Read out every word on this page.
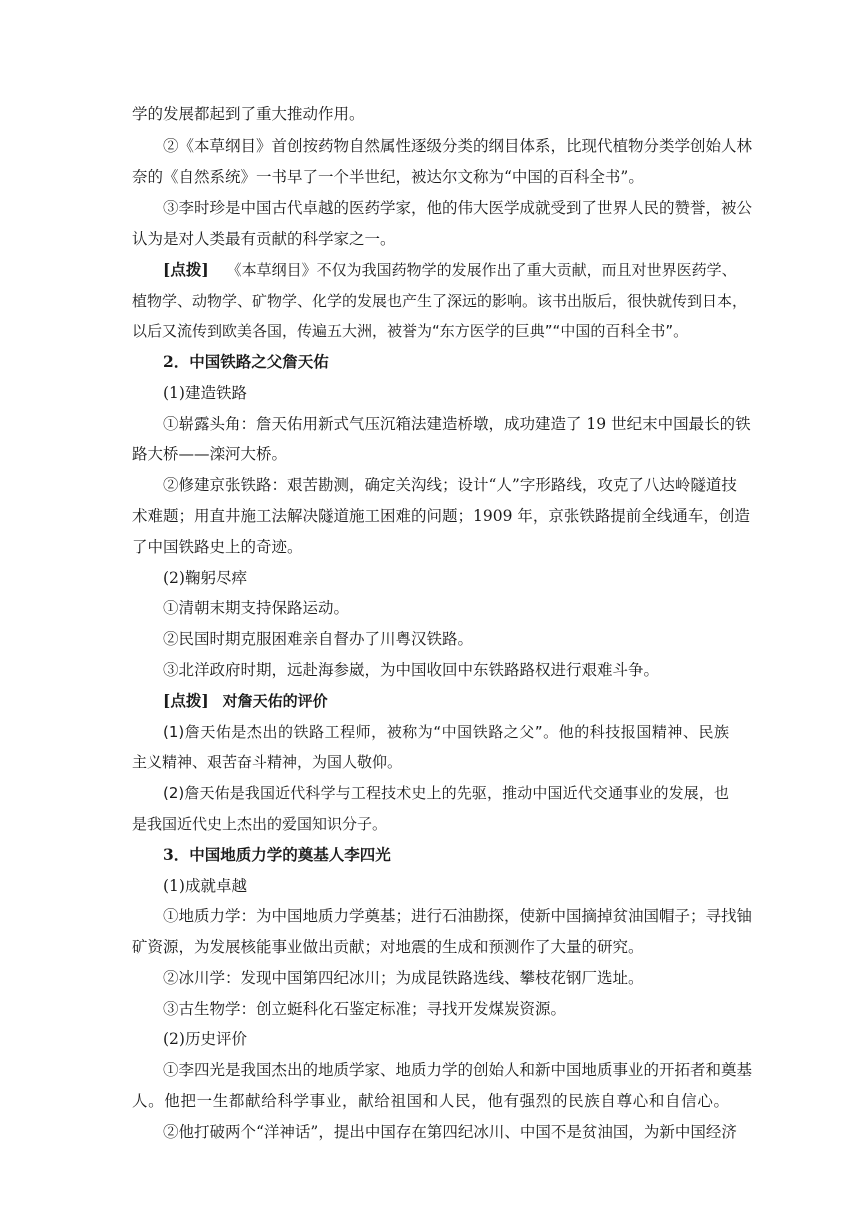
学的发展都起到了重大推动作用。
②《本草纲目》首创按药物自然属性逐级分类的纲目体系，比现代植物分类学创始人林
奈的《自然系统》一书早了一个半世纪，被达尔文称为“中国的百科全书”。
③李时珍是中国古代卓越的医药学家，他的伟大医学成就受到了世界人民的赞誉，被公
认为是对人类最有贡献的科学家之一。
[点拨] 《本草纲目》不仅为我国药物学的发展作出了重大贡献，而且对世界医药学、
植物学、动物学、矿物学、化学的发展也产生了深远的影响。该书出版后，很快就传到日本，
以后又流传到欧美各国，传遍五大洲，被誉为“东方医学的巨典”“中国的百科全书”。
2．中国铁路之父詹天佑
(1)建造铁路
①崭露头角：詹天佑用新式气压沉箱法建造桥墩，成功建造了 19 世纪末中国最长的铁
路大桥——滦河大桥。
②修建京张铁路：艰苦勘测，确定关沟线；设计“人”字形路线，攻克了八达岭隧道技
术难题；用直井施工法解决隧道施工困难的问题；1909 年，京张铁路提前全线通车，创造
了中国铁路史上的奇迹。
(2)鞠躬尽瘁
①清朝末期支持保路运动。
②民国时期克服困难亲自督办了川粤汉铁路。
③北洋政府时期，远赴海参崴，为中国收回中东铁路路权进行艰难斗争。
[点拨] 对詹天佑的评价
(1)詹天佑是杰出的铁路工程师，被称为“中国铁路之父”。他的科技报国精神、民族
主义精神、艰苦奋斗精神，为国人敬仰。
(2)詹天佑是我国近代科学与工程技术史上的先驱，推动中国近代交通事业的发展，也
是我国近代史上杰出的爱国知识分子。
3．中国地质力学的奠基人李四光
(1)成就卓越
①地质力学：为中国地质力学奠基；进行石油勘探，使新中国摘掉贫油国帽子；寻找铀
矿资源，为发展核能事业做出贡献；对地震的生成和预测作了大量的研究。
②冰川学：发现中国第四纪冰川；为成昆铁路选线、攀枝花钢厂选址。
③古生物学：创立蜓科化石鉴定标准；寻找开发煤炭资源。
(2)历史评价
①李四光是我国杰出的地质学家、地质力学的创始人和新中国地质事业的开拓者和奠基
人。他把一生都献给科学事业，献给祖国和人民，他有强烈的民族自尊心和自信心。
②他打破两个“洋神话”，提出中国存在第四纪冰川、中国不是贫油国，为新中国经济
